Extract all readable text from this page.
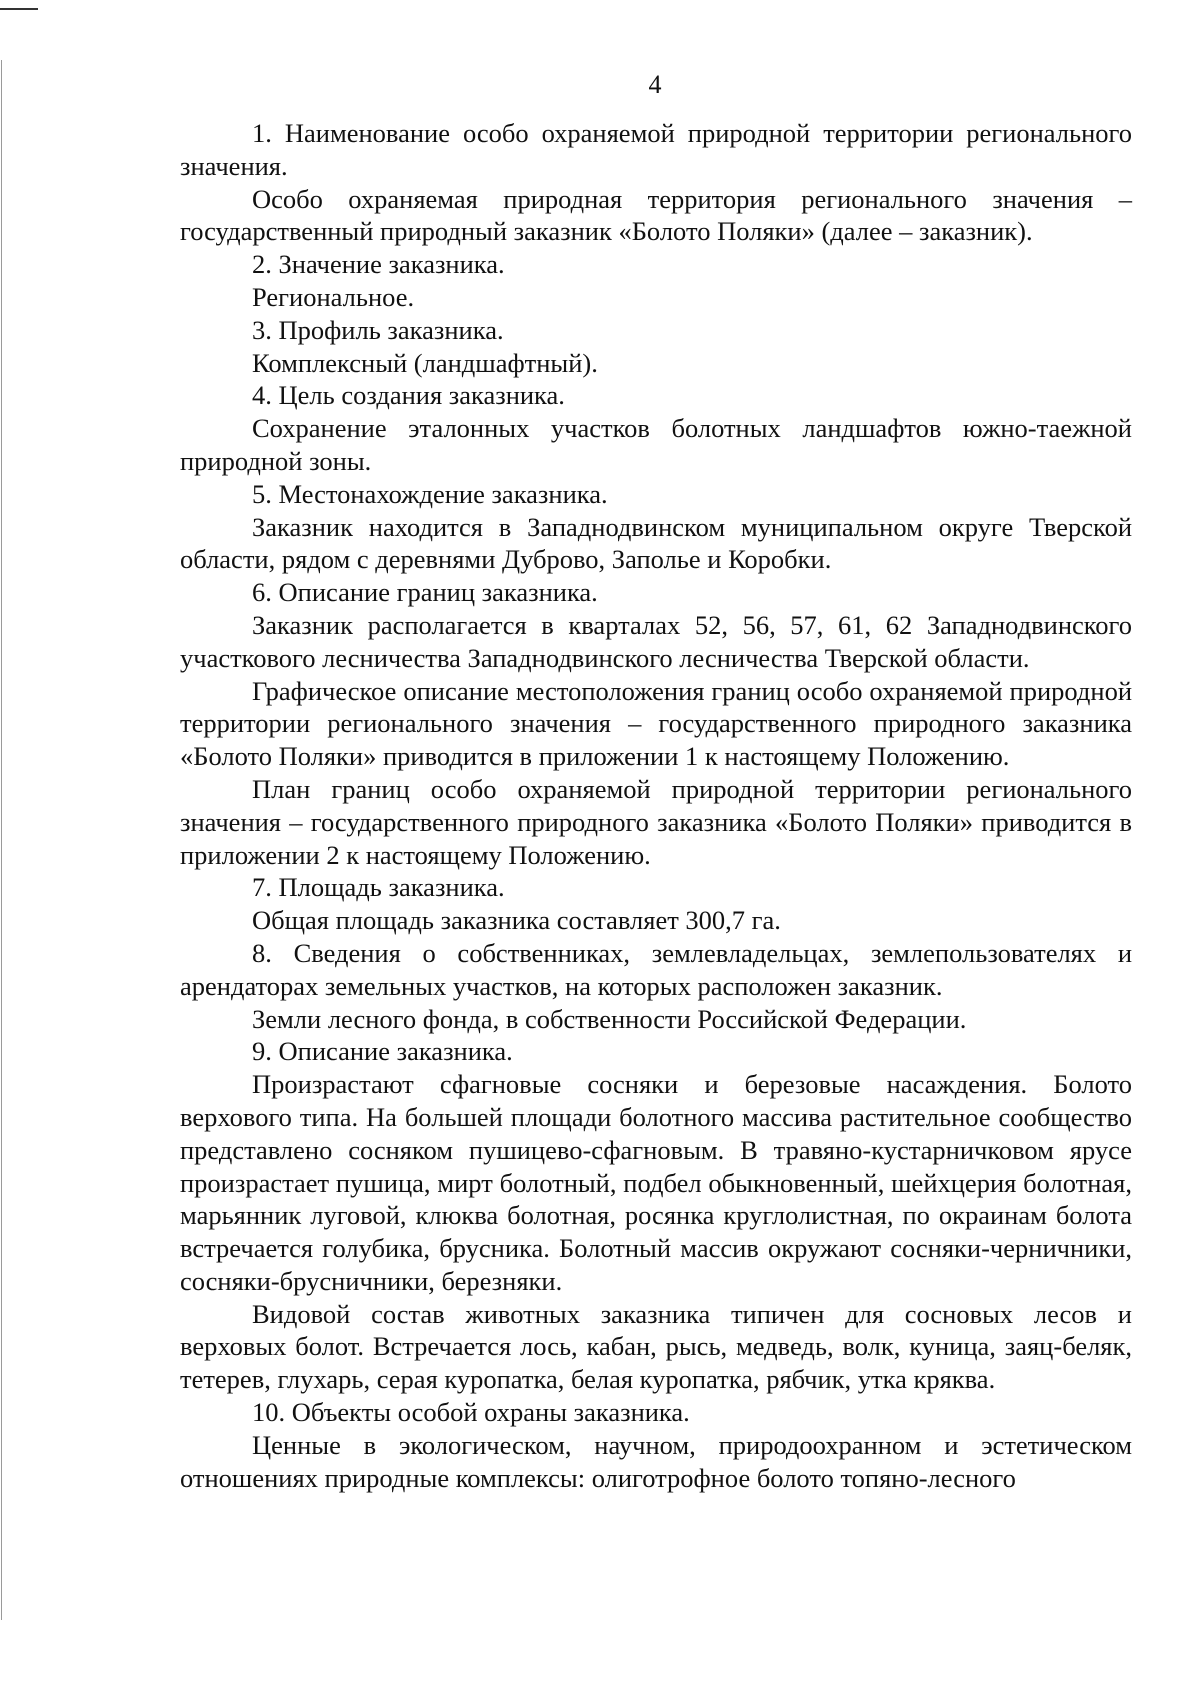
4

1. Наименование особо охраняемой природной территории регионального значения.

Особо охраняемая природная территория регионального значения – государственный природный заказник «Болото Поляки» (далее – заказник).

2. Значение заказника.

Региональное.

3. Профиль заказника.

Комплексный (ландшафтный).

4. Цель создания заказника.

Сохранение эталонных участков болотных ландшафтов южно-таежной природной зоны.

5. Местонахождение заказника.

Заказник находится в Западнодвинском муниципальном округе Тверской области, рядом с деревнями Дуброво, Заполье и Коробки.

6. Описание границ заказника.

Заказник располагается в кварталах 52, 56, 57, 61, 62 Западнодвинского участкового лесничества Западнодвинского лесничества Тверской области.

Графическое описание местоположения границ особо охраняемой природной территории регионального значения – государственного природного заказника «Болото Поляки» приводится в приложении 1 к настоящему Положению.

План границ особо охраняемой природной территории регионального значения – государственного природного заказника «Болото Поляки» приводится в приложении 2 к настоящему Положению.

7. Площадь заказника.

Общая площадь заказника составляет 300,7 га.

8. Сведения о собственниках, землевладельцах, землепользователях и арендаторах земельных участков, на которых расположен заказник.

Земли лесного фонда, в собственности Российской Федерации.

9. Описание заказника.

Произрастают сфагновые сосняки и березовые насаждения. Болото верхового типа. На большей площади болотного массива растительное сообщество представлено сосняком пушицево-сфагновым. В травяно-кустарничковом ярусе произрастает пушица, мирт болотный, подбел обыкновенный, шейхцерия болотная, марьянник луговой, клюква болотная, росянка круглолистная, по окраинам болота встречается голубика, брусника. Болотный массив окружают сосняки-черничники, сосняки-брусничники, березняки.

Видовой состав животных заказника типичен для сосновых лесов и верховых болот. Встречается лось, кабан, рысь, медведь, волк, куница, заяц-беляк, тетерев, глухарь, серая куропатка, белая куропатка, рябчик, утка кряква.

10. Объекты особой охраны заказника.

Ценные в экологическом, научном, природоохранном и эстетическом отношениях природные комплексы: олиготрофное болото топяно-лесного
